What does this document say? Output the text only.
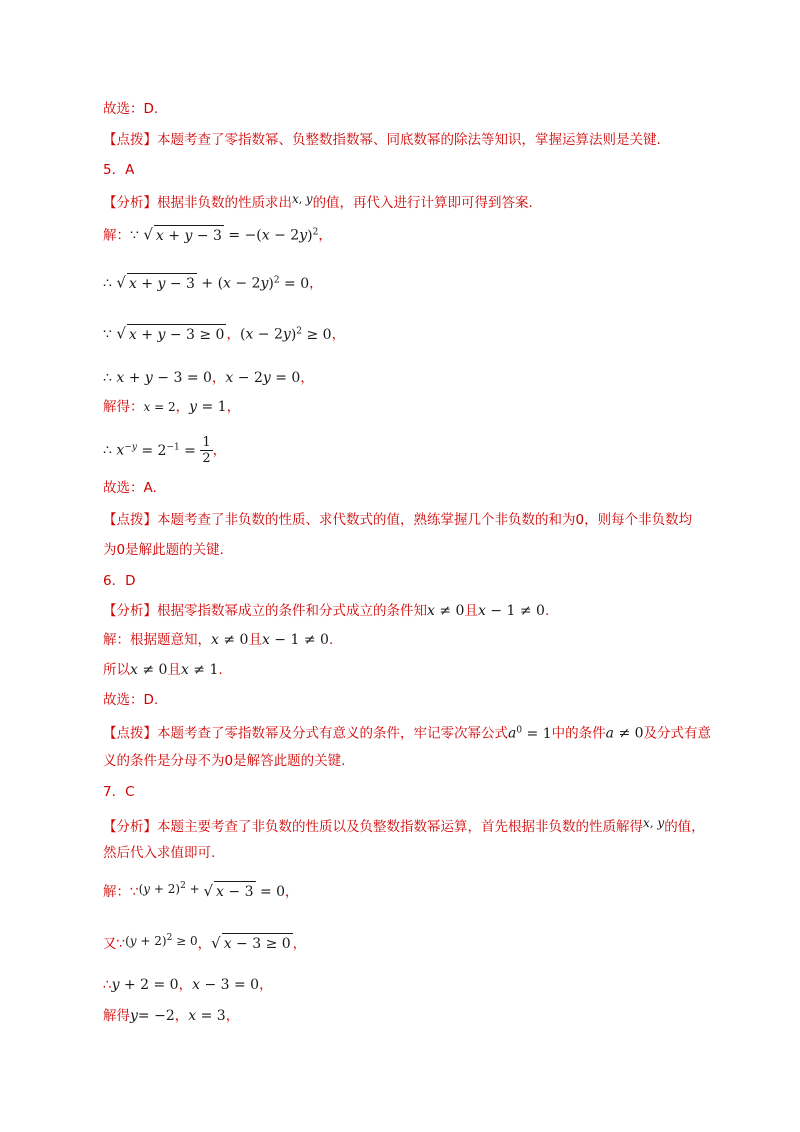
故选：D.
【点拨】本题考查了零指数幂、负整数指数幂、同底数幂的除法等知识，掌握运算法则是关键.
5．A
【分析】根据非负数的性质求出x, y的值，再代入进行计算即可得到答案.
解：∵ √ $x + y - 3 = -(x - 2y)^2$，
∴ √ $x + y - 3 + (x - 2y)^2 = 0$，
∵ √ x + y − 3 ≥ 0 ，$(x - 2y)^2 \ge 0$，
∴ x + y − 3 = 0，x − 2y = 0，
解得：x = 2，y = 1，
∴ $x^{-y} = 2^{-1} = \frac{1}{2}$ ，
故选：A.
【点拨】本题考查了非负数的性质、求代数式的值，熟练掌握几个非负数的和为0，则每个非负数均
为0是解此题的关键.
6．D
【分析】根据零指数幂成立的条件和分式成立的条件知x ≠ 0且x − 1 ≠ 0.
解：根据题意知，x ≠ 0且x − 1 ≠ 0.
所以x ≠ 0且x ≠ 1.
故选：D.
【点拨】本题考查了零指数幂及分式有意义的条件，牢记零次幂公式$a^0 = 1$中的条件a ≠ 0及分式有意
义的条件是分母不为0是解答此题的关键.
7．C
【分析】本题主要考查了非负数的性质以及负整数指数幂运算，首先根据非负数的性质解得x, y的值，
然后代入求值即可.
解：∵(y + 2)$^2$ + √ x − 3 = 0，
又∵(y + 2)$^2$ ≥ 0，√ x − 3 ≥ 0 ，
∴y + 2 = 0，x − 3 = 0，
解得y= −2，x = 3，
